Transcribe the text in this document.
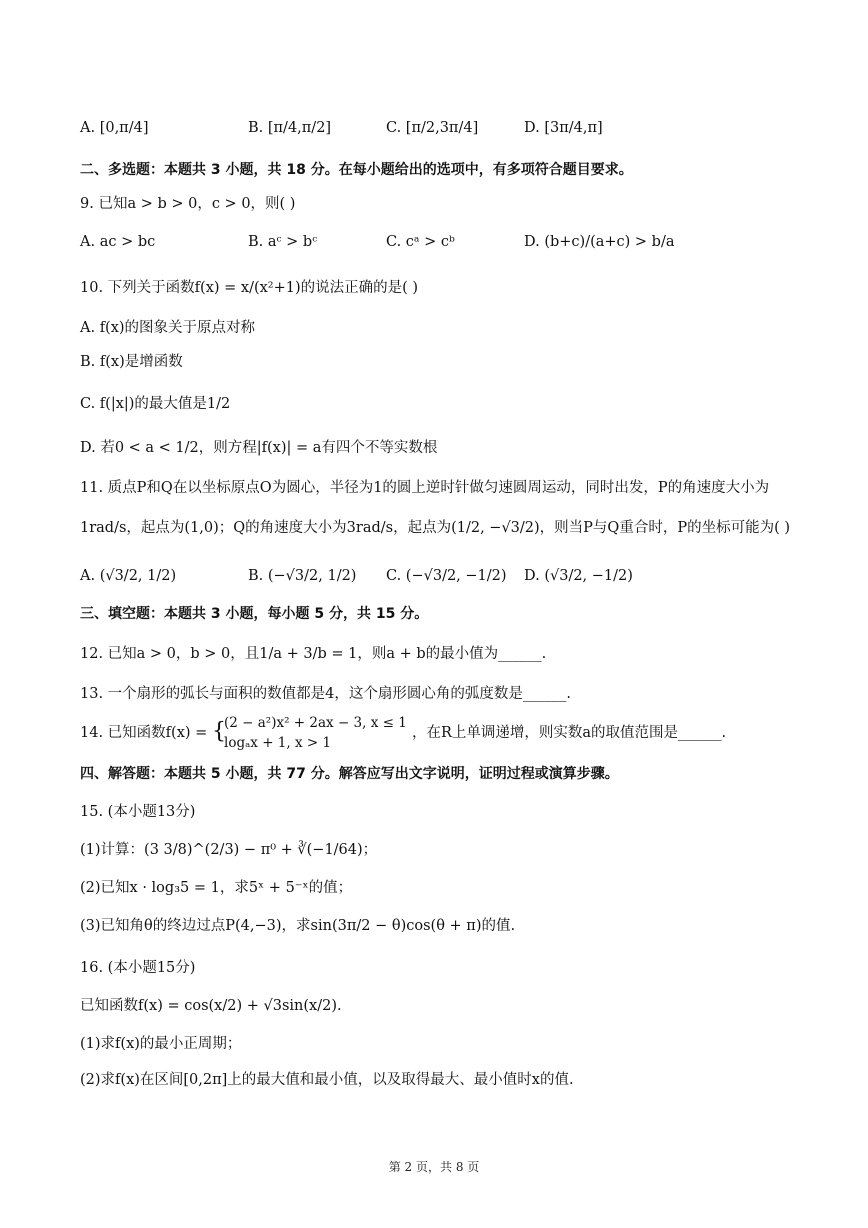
A. [0,π/4]	B. [π/4,π/2]	C. [π/2,3π/4]	D. [3π/4,π]
二、多选题：本题共 3 小题，共 18 分。在每小题给出的选项中，有多项符合题目要求。
9. 已知a > b > 0，c > 0，则( )
A. ac > bc	B. aᶜ > bᶜ	C. cᵃ > cᵇ	D. (b+c)/(a+c) > b/a
10. 下列关于函数f(x) = x/(x²+1)的说法正确的是( )
A. f(x)的图象关于原点对称
B. f(x)是增函数
C. f(|x|)的最大值是1/2
D. 若0 < a < 1/2，则方程|f(x)| = a有四个不等实数根
11. 质点P和Q在以坐标原点O为圆心，半径为1的圆上逆时针做匀速圆周运动，同时出发，P的角速度大小为
1rad/s，起点为(1,0)；Q的角速度大小为3rad/s，起点为(1/2, −√3/2)，则当P与Q重合时，P的坐标可能为( )
A. (√3/2, 1/2)	B. (−√3/2, 1/2) C. (−√3/2, −1/2) D. (√3/2, −1/2)
三、填空题：本题共 3 小题，每小题 5 分，共 15 分。
12. 已知a > 0，b > 0，且1/a + 3/b = 1，则a + b的最小值为______.
13. 一个扇形的弧长与面积的数值都是4，这个扇形圆心角的弧度数是______.
14. 已知函数f(x) = {
(2 − a²)x² + 2ax − 3, x ≤ 1
logₐx + 1, x > 1
，在R上单调递增，则实数a的取值范围是______.
四、解答题：本题共 5 小题，共 77 分。解答应写出文字说明，证明过程或演算步骤。
15. (本小题13分)
(1)计算：(3 3/8)^(2/3) − π⁰ + ∛(−1/64)；
(2)已知x · log₃5 = 1，求5ˣ + 5⁻ˣ的值；
(3)已知角θ的终边过点P(4,−3)，求sin(3π/2 − θ)cos(θ + π)的值.
16. (本小题15分)
已知函数f(x) = cos(x/2) + √3sin(x/2).
(1)求f(x)的最小正周期；
(2)求f(x)在区间[0,2π]上的最大值和最小值，以及取得最大、最小值时x的值.
第 2 页，共 8 页
